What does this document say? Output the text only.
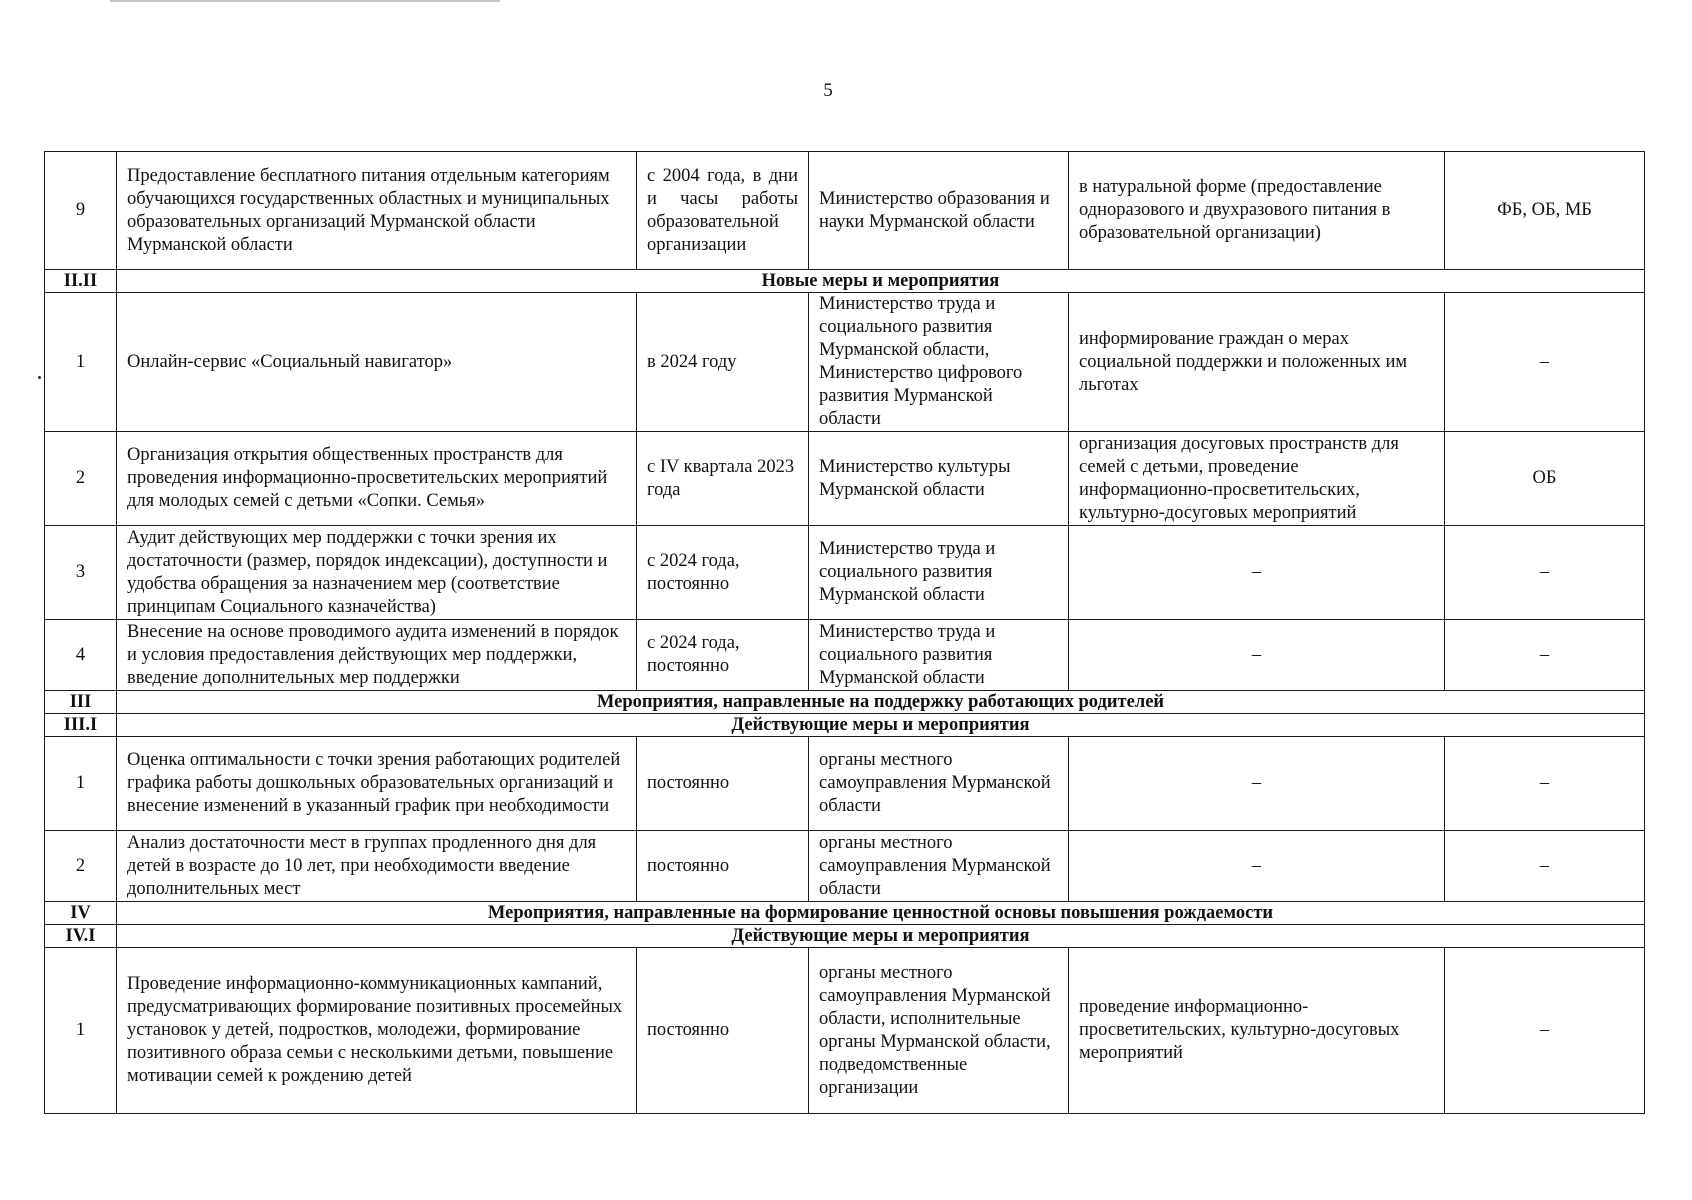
5
9	Предоставление бесплатного питания отдельным категориям обучающихся государственных областных и муниципальных образовательных организаций Мурманской области Мурманской области	с 2004 года, в дни и часы работы образовательной организации	Министерство образования и науки Мурманской области	в натуральной форме (предоставление одноразового и двухразового питания в образовательной организации)	ФБ, ОБ, МБ
II.II	Новые меры и мероприятия				
1	Онлайн-сервис «Социальный навигатор»	в 2024 году	Министерство труда и социального развития Мурманской области, Министерство цифрового развития Мурманской области	информирование граждан о мерах социальной поддержки и положенных им льготах	–
2	Организация открытия общественных пространств для проведения информационно-просветительских мероприятий для молодых семей с детьми «Сопки. Семья»	с IV квартала 2023 года	Министерство культуры Мурманской области	организация досуговых пространств для семей с детьми, проведение информационно-просветительских, культурно-досуговых мероприятий	ОБ
3	Аудит действующих мер поддержки с точки зрения их достаточности (размер, порядок индексации), доступности и удобства обращения за назначением мер (соответствие принципам Социального казначейства)	с 2024 года, постоянно	Министерство труда и социального развития Мурманской области	–	–
4	Внесение на основе проводимого аудита изменений в порядок и условия предоставления действующих мер поддержки, введение дополнительных мер поддержки	с 2024 года, постоянно	Министерство труда и социального развития Мурманской области	–	–
III	Мероприятия, направленные на поддержку работающих родителей				
III.I	Действующие меры и мероприятия				
1	Оценка оптимальности с точки зрения работающих родителей графика работы дошкольных образовательных организаций и внесение изменений в указанный график при необходимости	постоянно	органы местного самоуправления Мурманской области	–	–
2	Анализ достаточности мест в группах продленного дня для детей в возрасте до 10 лет, при необходимости введение дополнительных мест	постоянно	органы местного самоуправления Мурманской области	–	–
IV	Мероприятия, направленные на формирование ценностной основы повышения рождаемости				
IV.I	Действующие меры и мероприятия				
1	Проведение информационно-коммуникационных кампаний, предусматривающих формирование позитивных просемейных установок у детей, подростков, молодежи, формирование позитивного образа семьи с несколькими детьми, повышение мотивации семей к рождению детей	постоянно	органы местного самоуправления Мурманской области, исполнительные органы Мурманской области, подведомственные организации	проведение информационно-просветительских, культурно-досуговых мероприятий	–
